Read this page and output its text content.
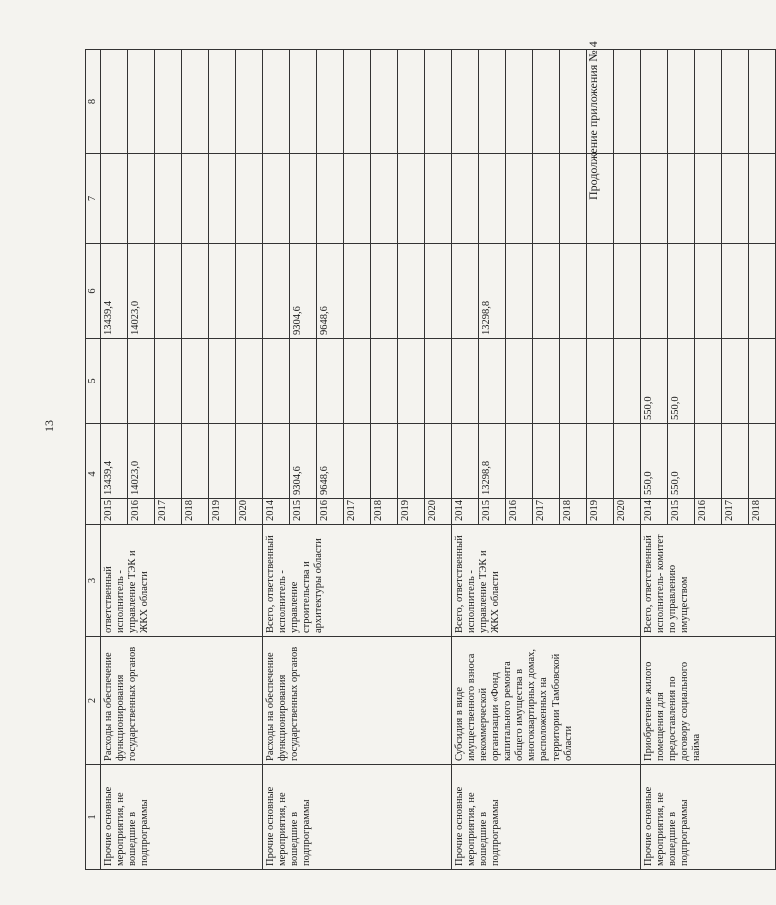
13
Продолжение приложения № 4
1	2	3	4		5	6	7	8
Прочие основные мероприятия, не вошедшие в подпрограммы	Расходы на обеспечение функционирования государственных органов	ответственный исполнитель - управление ТЭК и ЖКХ области	2015	13439,4		13439,4		
			2016	14023,0		14023,0		
			2017					
			2018					
			2019					
			2020					
Прочие основные мероприятия, не вошедшие в подпрограммы	Расходы на обеспечение функционирования государственных органов	Всего, ответственный исполнитель - управление строительства и архитектуры области	2014					
			2015	9304,6		9304,6		
			2016	9648,6		9648,6		
			2017					
			2018					
			2019					
			2020					
Прочие основные мероприятия, не вошедшие в подпрограммы	Субсидия в виде имущественного взноса некоммерческой организации «Фонд капитального ремонта общего имущества в многоквартирных домах, расположенных на территории Тамбовской области	Всего, ответственный исполнитель - управление ТЭК и ЖКХ области	2014					
			2015	13298,8		13298,8		
			2016					
			2017					
			2018					
			2019					
			2020					
Прочие основные мероприятия, не вошедшие в подпрограммы	Приобретение жилого помещения для предоставления по договору социального найма	Всего, ответственный исполнитель- комитет по управлению имуществом	2014	550,0	550,0			
			2015	550,0	550,0			
			2016					
			2017					
			2018					
